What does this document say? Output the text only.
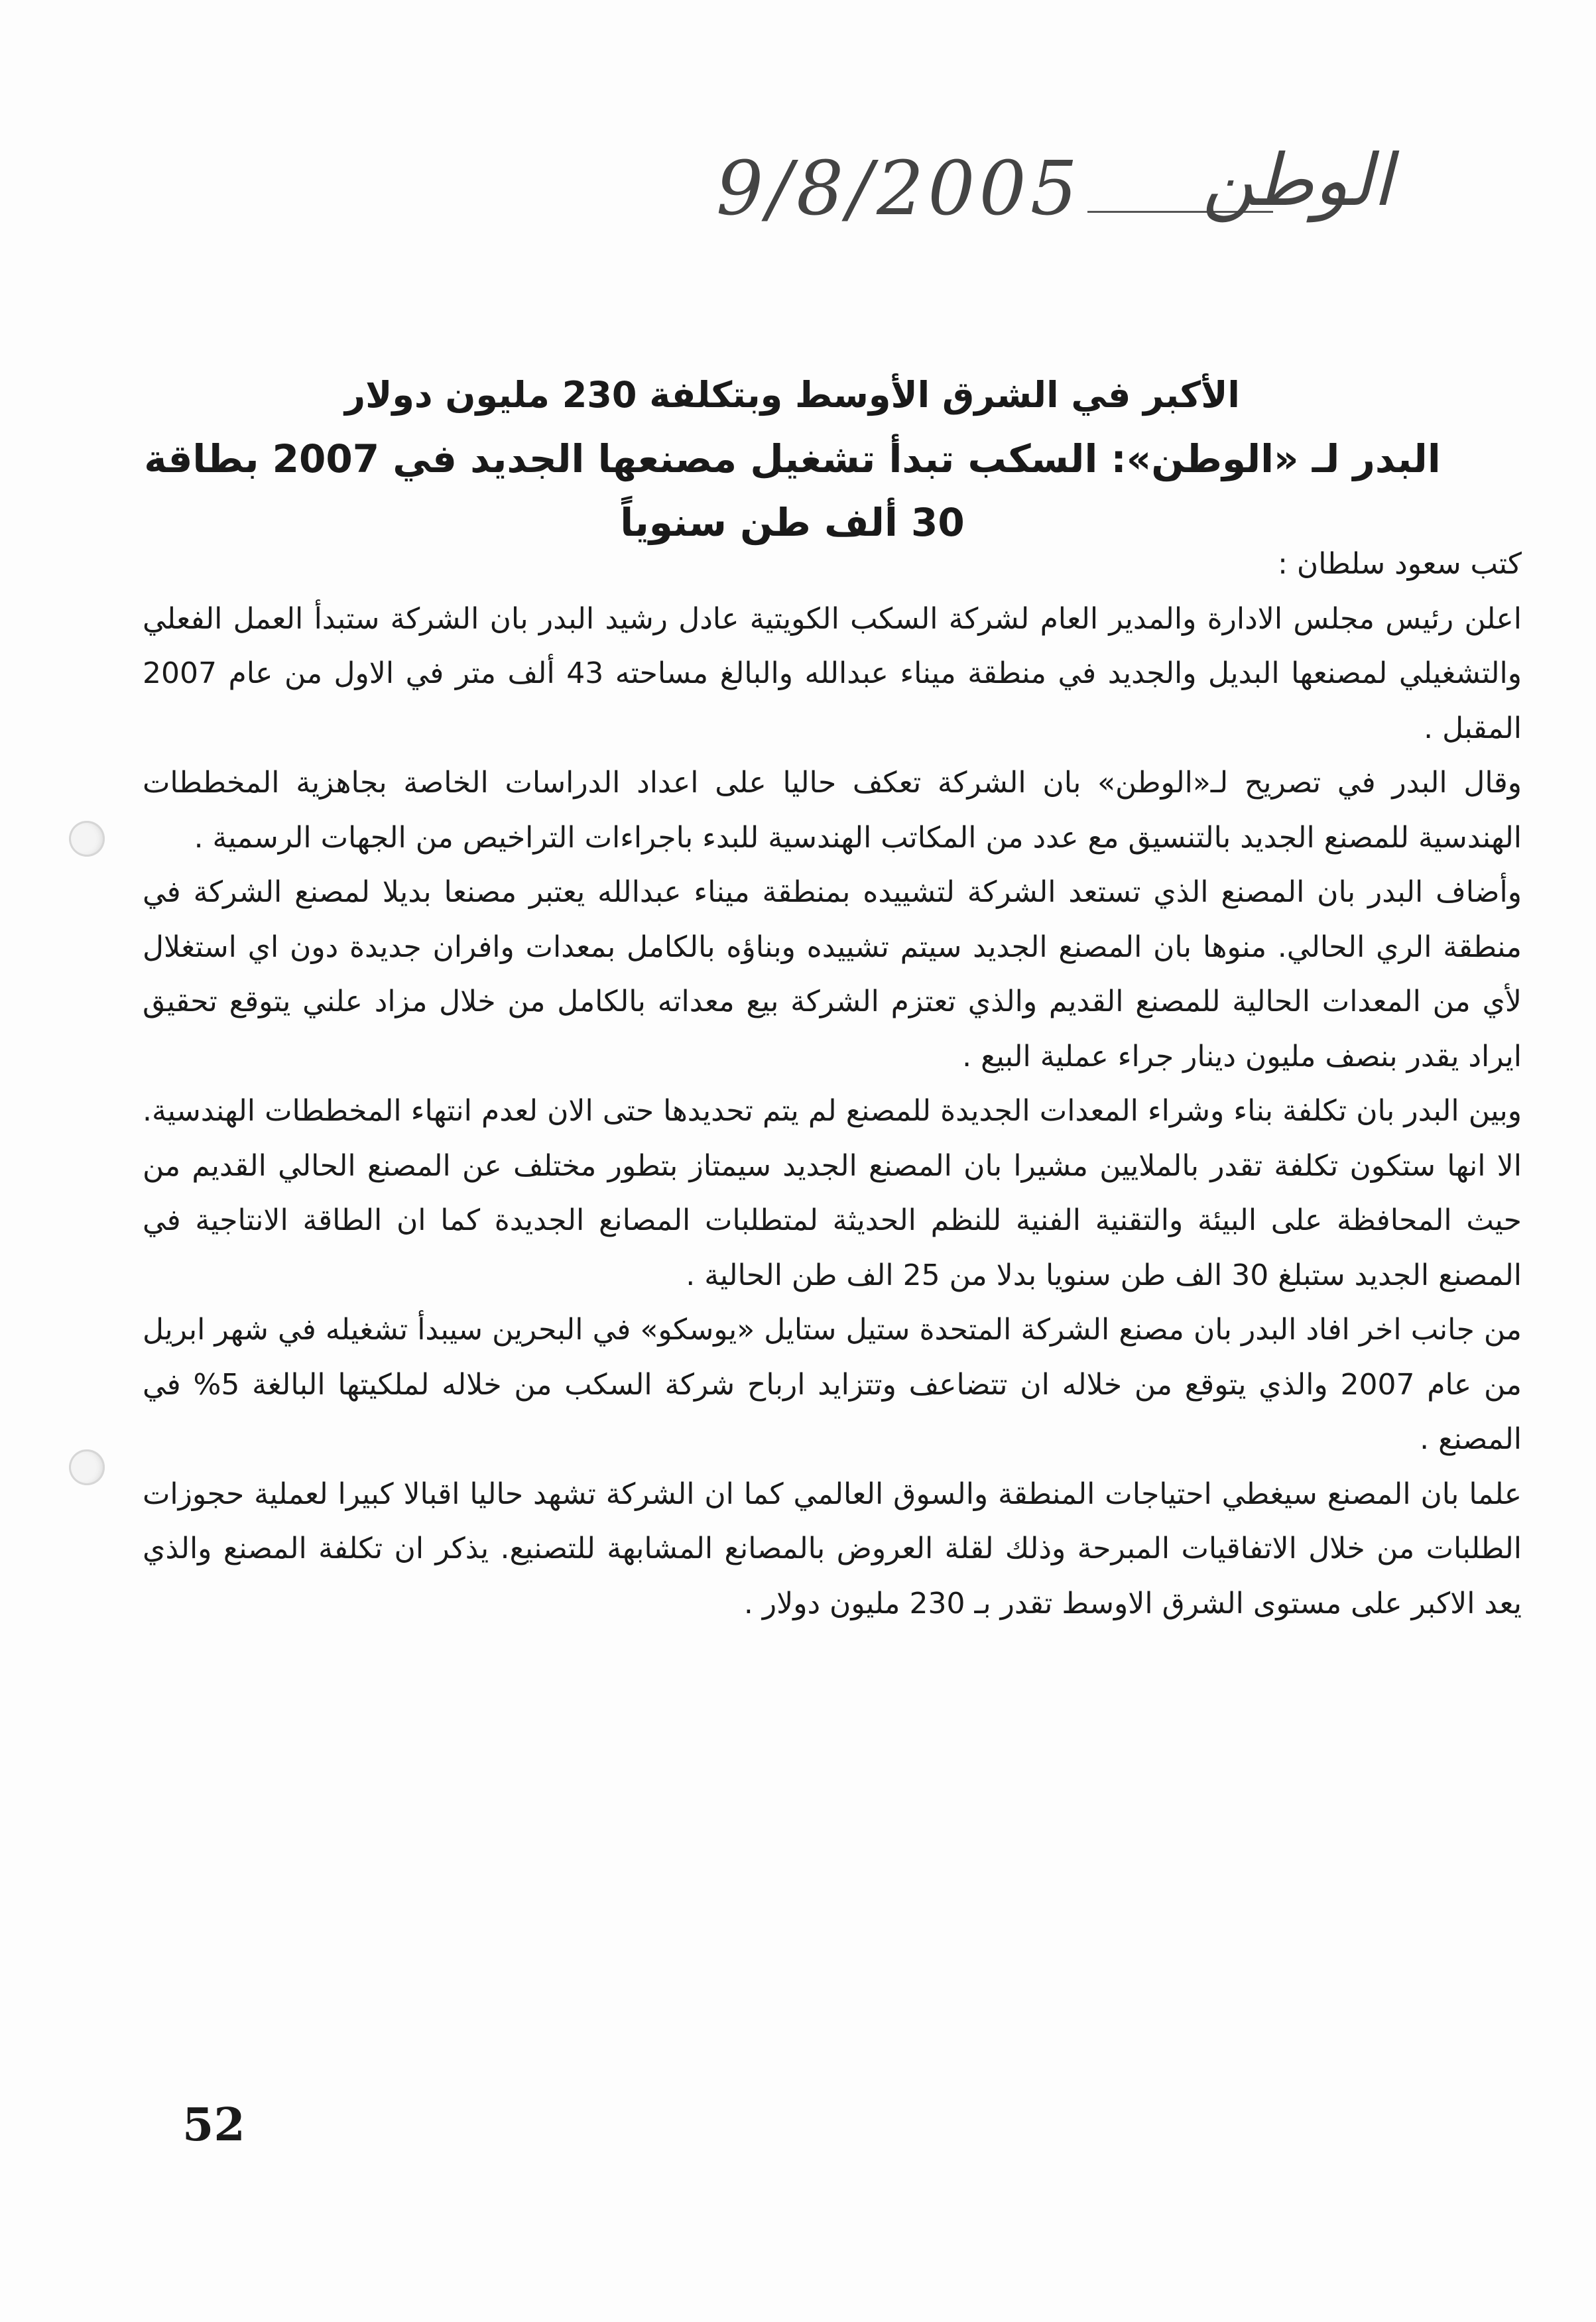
9/8/2005 الوطن

الأكبر في الشرق الأوسط وبتكلفة 230 مليون دولار

البدر لـ «الوطن»: السكب تبدأ تشغيل مصنعها الجديد في 2007 بطاقة 30 ألف طن سنوياً

كتب سعود سلطان :

اعلن رئيس مجلس الادارة والمدير العام لشركة السكب الكويتية عادل رشيد البدر بان الشركة ستبدأ العمل الفعلي والتشغيلي لمصنعها البديل والجديد في منطقة ميناء عبدالله والبالغ مساحته 43 ألف متر في الاول من عام 2007 المقبل .

وقال البدر في تصريح لـ«الوطن» بان الشركة تعكف حاليا على اعداد الدراسات الخاصة بجاهزية المخططات الهندسية للمصنع الجديد بالتنسيق مع عدد من المكاتب الهندسية للبدء باجراءات التراخيص من الجهات الرسمية .

وأضاف البدر بان المصنع الذي تستعد الشركة لتشييده بمنطقة ميناء عبدالله يعتبر مصنعا بديلا لمصنع الشركة في منطقة الري الحالي. منوها بان المصنع الجديد سيتم تشييده وبناؤه بالكامل بمعدات وافران جديدة دون اي استغلال لأي من المعدات الحالية للمصنع القديم والذي تعتزم الشركة بيع معداته بالكامل من خلال مزاد علني يتوقع تحقيق ايراد يقدر بنصف مليون دينار جراء عملية البيع .

وبين البدر بان تكلفة بناء وشراء المعدات الجديدة للمصنع لم يتم تحديدها حتى الان لعدم انتهاء المخططات الهندسية. الا انها ستكون تكلفة تقدر بالملايين مشيرا بان المصنع الجديد سيمتاز بتطور مختلف عن المصنع الحالي القديم من حيث المحافظة على البيئة والتقنية الفنية للنظم الحديثة لمتطلبات المصانع الجديدة كما ان الطاقة الانتاجية في المصنع الجديد ستبلغ 30 الف طن سنويا بدلا من 25 الف طن الحالية .

من جانب اخر افاد البدر بان مصنع الشركة المتحدة ستيل ستايل «يوسكو» في البحرين سيبدأ تشغيله في شهر ابريل من عام 2007 والذي يتوقع من خلاله ان تتضاعف وتتزايد ارباح شركة السكب من خلاله لملكيتها البالغة 5% في المصنع .

علما بان المصنع سيغطي احتياجات المنطقة والسوق العالمي كما ان الشركة تشهد حاليا اقبالا كبيرا لعملية حجوزات الطلبات من خلال الاتفاقيات المبرحة وذلك لقلة العروض بالمصانع المشابهة للتصنيع. يذكر ان تكلفة المصنع والذي يعد الاكبر على مستوى الشرق الاوسط تقدر بـ 230 مليون دولار .

52
